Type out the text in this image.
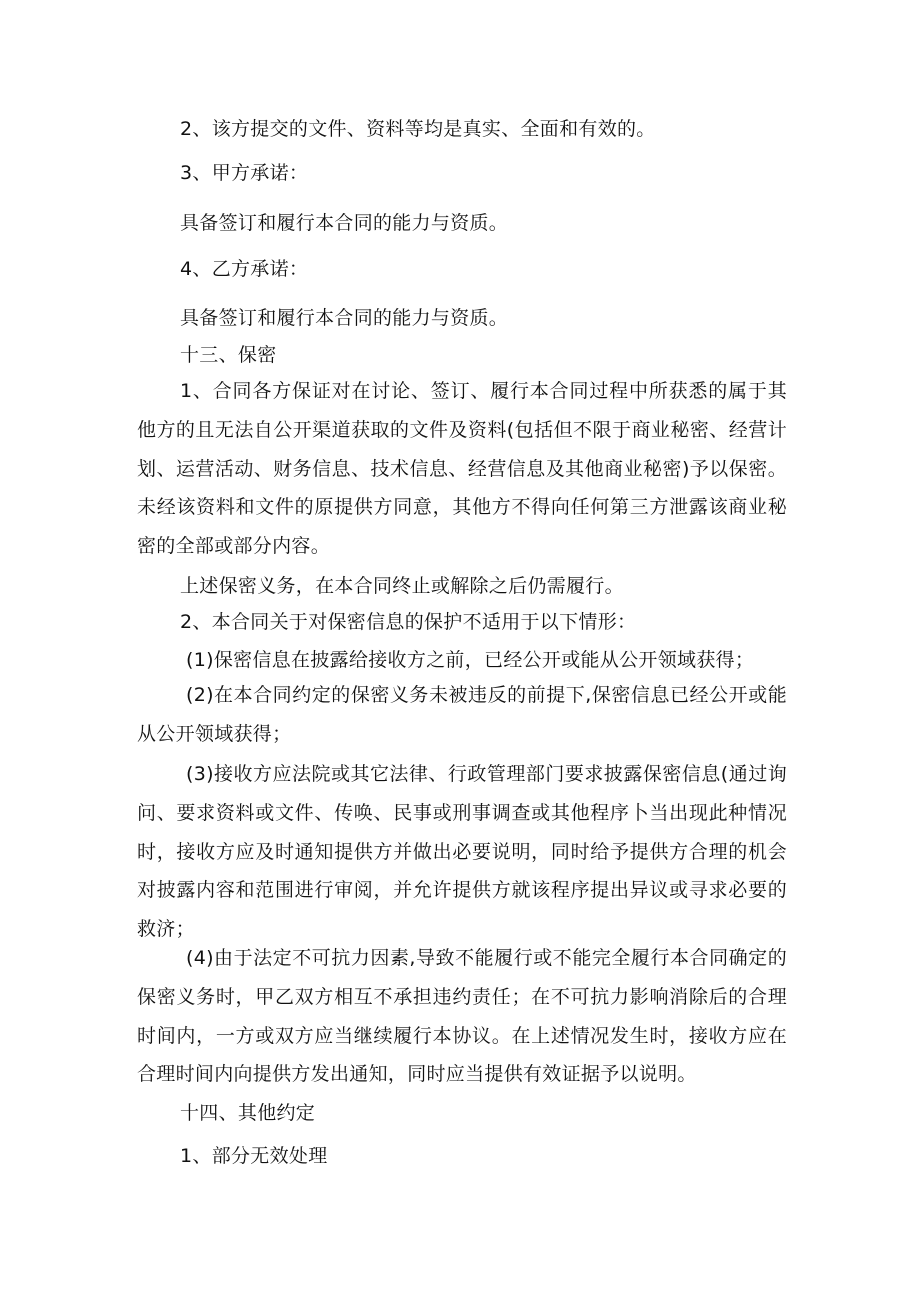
2、该方提交的文件、资料等均是真实、全面和有效的。

3、甲方承诺：

具备签订和履行本合同的能力与资质。

4、乙方承诺：

具备签订和履行本合同的能力与资质。

十三、保密

1、合同各方保证对在讨论、签订、履行本合同过程中所获悉的属于其他方的且无法自公开渠道获取的文件及资料(包括但不限于商业秘密、经营计划、运营活动、财务信息、技术信息、经营信息及其他商业秘密)予以保密。未经该资料和文件的原提供方同意，其他方不得向任何第三方泄露该商业秘密的全部或部分内容。

上述保密义务，在本合同终止或解除之后仍需履行。

2、本合同关于对保密信息的保护不适用于以下情形：

(1)保密信息在披露给接收方之前，已经公开或能从公开领域获得；

(2)在本合同约定的保密义务未被违反的前提下,保密信息已经公开或能从公开领域获得；

(3)接收方应法院或其它法律、行政管理部门要求披露保密信息(通过询问、要求资料或文件、传唤、民事或刑事调查或其他程序卜当出现此种情况时，接收方应及时通知提供方并做出必要说明，同时给予提供方合理的机会对披露内容和范围进行审阅，并允许提供方就该程序提出异议或寻求必要的救济；

(4)由于法定不可抗力因素,导致不能履行或不能完全履行本合同确定的保密义务时，甲乙双方相互不承担违约责任；在不可抗力影响消除后的合理时间内，一方或双方应当继续履行本协议。在上述情况发生时，接收方应在合理时间内向提供方发出通知，同时应当提供有效证据予以说明。

十四、其他约定

1、部分无效处理
